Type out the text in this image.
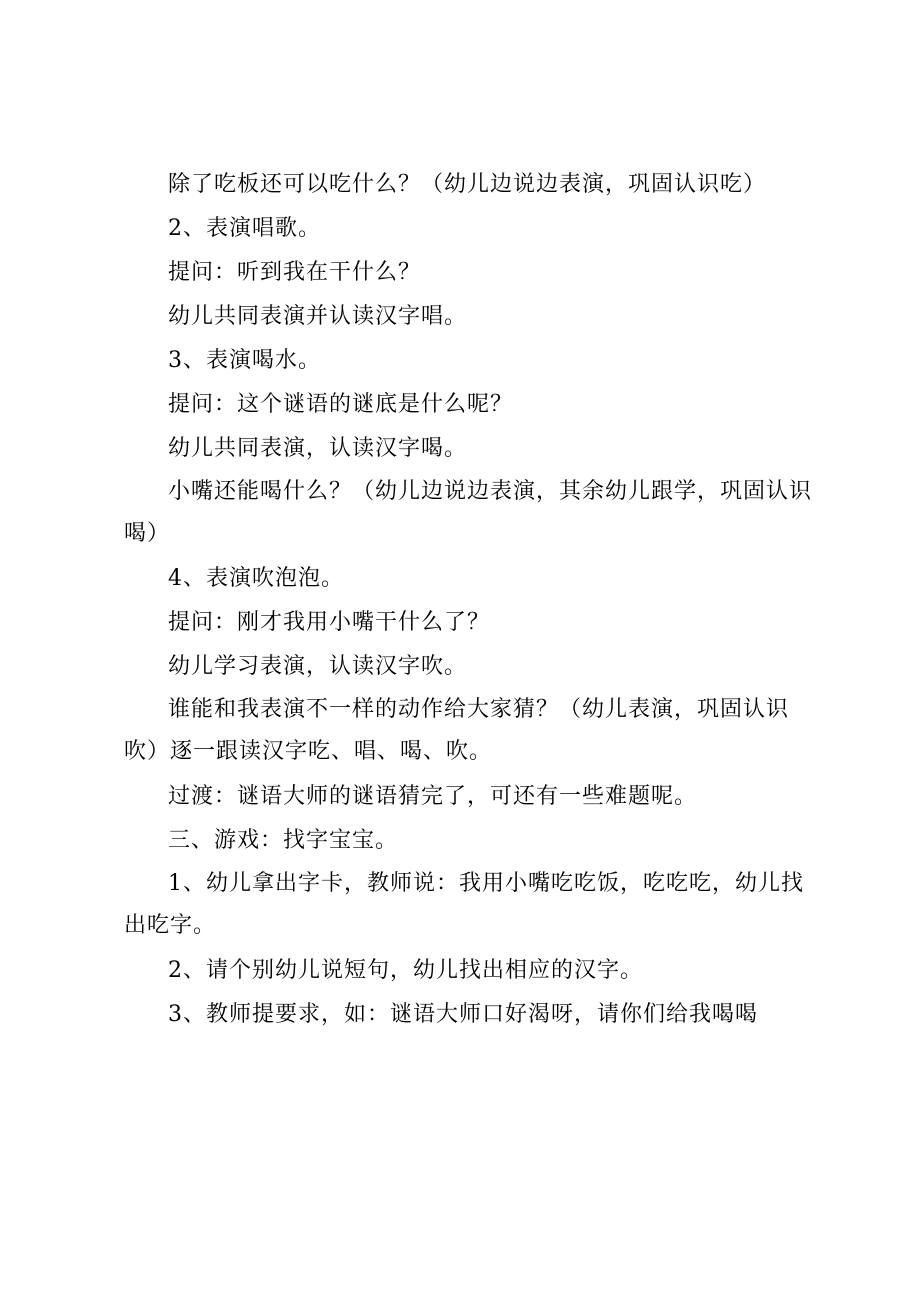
除了吃板还可以吃什么？（幼儿边说边表演，巩固认识吃）

2、表演唱歌。

提问：听到我在干什么？

幼儿共同表演并认读汉字唱。

3、表演喝水。

提问：这个谜语的谜底是什么呢？

幼儿共同表演，认读汉字喝。

小嘴还能喝什么？（幼儿边说边表演，其余幼儿跟学，巩固认识喝）

4、表演吹泡泡。

提问：刚才我用小嘴干什么了？

幼儿学习表演，认读汉字吹。

谁能和我表演不一样的动作给大家猜？（幼儿表演，巩固认识吹）逐一跟读汉字吃、唱、喝、吹。

过渡：谜语大师的谜语猜完了，可还有一些难题呢。

三、游戏：找字宝宝。

1、幼儿拿出字卡，教师说：我用小嘴吃吃饭，吃吃吃，幼儿找出吃字。

2、请个别幼儿说短句，幼儿找出相应的汉字。

3、教师提要求，如：谜语大师口好渴呀，请你们给我喝喝
